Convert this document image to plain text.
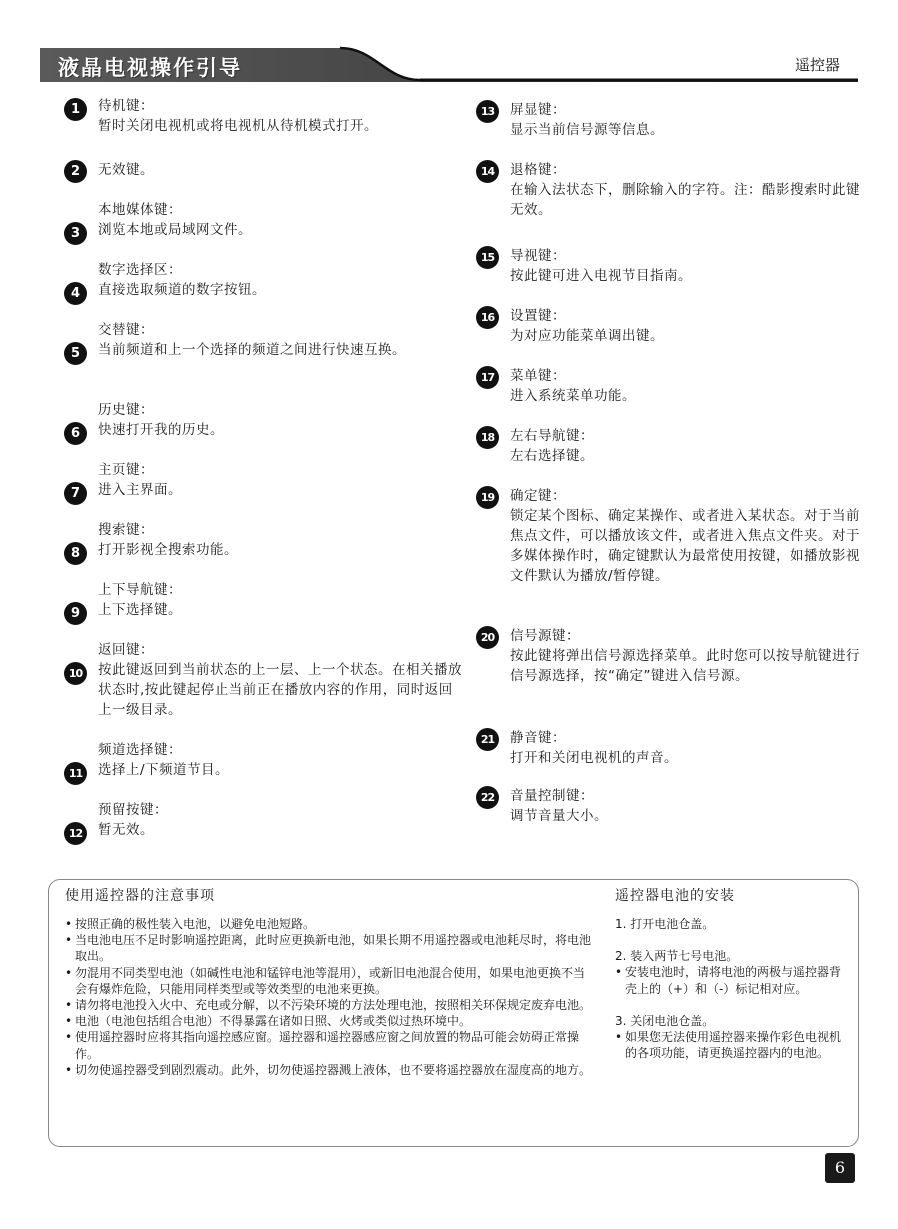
液晶电视操作引导	遥控器
1	待机键：
暂时关闭电视机或将电视机从待机模式打开。
2	无效键。
3
本地媒体键：
浏览本地或局域网文件。
4
数字选择区：
直接选取频道的数字按钮。
5
交替键：
当前频道和上一个选择的频道之间进行快速互换。
6
历史键：
快速打开我的历史。
7
主页键：
进入主界面。
8
搜索键：
打开影视全搜索功能。
9
上下导航键：
上下选择键。
10
返回键：
按此键返回到当前状态的上一层、上一个状态。在相关播放状态时,按此键起停止当前正在播放内容的作用，同时返回上一级目录。
11
频道选择键：
选择上/下频道节目。
12
预留按键：
暂无效。
13	屏显键：
显示当前信号源等信息。
14	退格键：
在输入法状态下，删除输入的字符。注：酷影搜索时此键无效。
15	导视键：
按此键可进入电视节目指南。
16	设置键：
为对应功能菜单调出键。
17	菜单键：
进入系统菜单功能。
18	左右导航键：
左右选择键。
19	确定键：
锁定某个图标、确定某操作、或者进入某状态。对于当前焦点文件，可以播放该文件，或者进入焦点文件夹。对于多媒体操作时，确定键默认为最常使用按键，如播放影视文件默认为播放/暂停键。
20	信号源键：
按此键将弹出信号源选择菜单。此时您可以按导航键进行信号源选择，按“确定”键进入信号源。
21	静音键：
打开和关闭电视机的声音。
22	音量控制键：
调节音量大小。
使用遥控器的注意事项
• 按照正确的极性装入电池，以避免电池短路。
• 当电池电压不足时影响遥控距离，此时应更换新电池，如果长期不用遥控器或电池耗尽时，将电池取出。
• 勿混用不同类型电池（如碱性电池和锰锌电池等混用），或新旧电池混合使用，如果电池更换不当会有爆炸危险，只能用同样类型或等效类型的电池来更换。
• 请勿将电池投入火中、充电或分解，以不污染环境的方法处理电池，按照相关环保规定废弃电池。
• 电池（电池包括组合电池）不得暴露在诸如日照、火烤或类似过热环境中。
• 使用遥控器时应将其指向遥控感应窗。遥控器和遥控器感应窗之间放置的物品可能会妨碍正常操作。
• 切勿使遥控器受到剧烈震动。此外，切勿使遥控器溅上液体，也不要将遥控器放在湿度高的地方。
遥控器电池的安装
1. 打开电池仓盖。
2. 装入两节七号电池。
• 安装电池时，请将电池的两极与遥控器背壳上的（+）和（-）标记相对应。
3. 关闭电池仓盖。
• 如果您无法使用遥控器来操作彩色电视机的各项功能，请更换遥控器内的电池。
6
